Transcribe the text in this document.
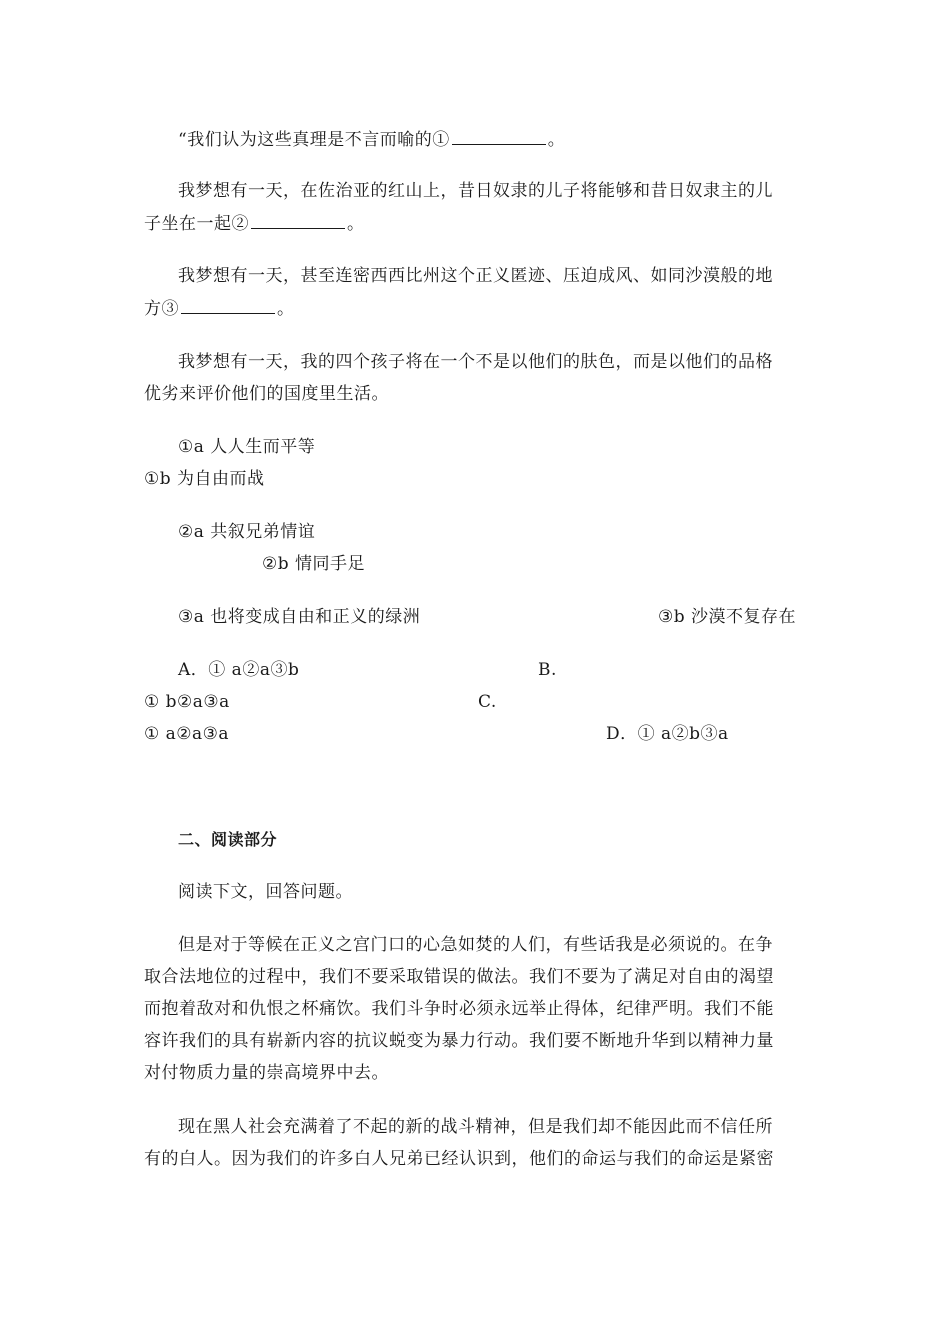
“我们认为这些真理是不言而喻的①	。
我梦想有一天，在佐治亚的红山上，昔日奴隶的儿子将能够和昔日奴隶主的儿
子坐在一起②	。
我梦想有一天，甚至连密西西比州这个正义匿迹、压迫成风、如同沙漠般的地
方③	。
我梦想有一天，我的四个孩子将在一个不是以他们的肤色，而是以他们的品格
优劣来评价他们的国度里生活。
①a 人人生而平等
①b 为自由而战
②a 共叙兄弟情谊
②b 情同手足
③a 也将变成自由和正义的绿洲	③b 沙漠不复存在
A．① a②a③b	B.
① b②a③a	C.
① a②a③a	D．① a②b③a
二、阅读部分
阅读下文，回答问题。
但是对于等候在正义之宫门口的心急如焚的人们，有些话我是必须说的。在争
取合法地位的过程中，我们不要采取错误的做法。我们不要为了满足对自由的渴望
而抱着敌对和仇恨之杯痛饮。我们斗争时必须永远举止得体，纪律严明。我们不能
容许我们的具有崭新内容的抗议蜕变为暴力行动。我们要不断地升华到以精神力量
对付物质力量的崇高境界中去。
现在黑人社会充满着了不起的新的战斗精神，但是我们却不能因此而不信任所
有的白人。因为我们的许多白人兄弟已经认识到，他们的命运与我们的命运是紧密
